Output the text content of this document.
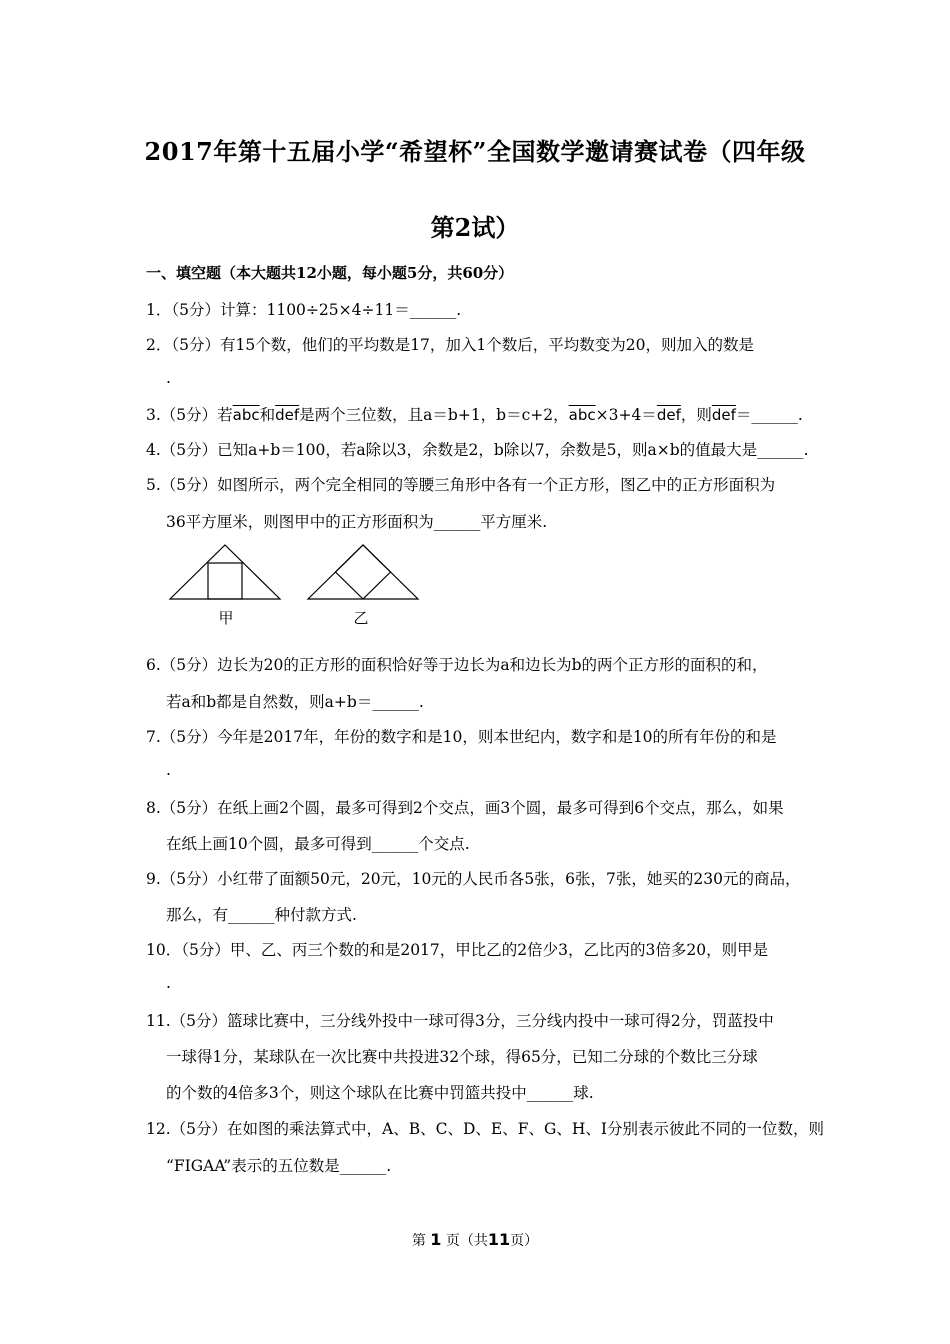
2017年第十五届小学“希望杯”全国数学邀请赛试卷（四年级
第2试）
一、填空题（本大题共12小题，每小题5分，共60分）
1．（5分）计算：1100÷25×4÷11＝______.
2．（5分）有15个数，他们的平均数是17，加入1个数后，平均数变为20，则加入的数是
.
3.（5分）若$\overline{abc}$和$\overline{def}$是两个三位数，且a＝b+1，b＝c+2，$\overline{abc}\times 3+4=\overline{def}$，则$\overline{def}=\_\_\_\_\_\_$.
4.（5分）已知a+b＝100，若a除以3，余数是2，b除以7，余数是5，则a×b的值最大是______.
5.（5分）如图所示，两个完全相同的等腰三角形中各有一个正方形，图乙中的正方形面积为
36平方厘米，则图甲中的正方形面积为______平方厘米.
甲	乙
6.（5分）边长为20的正方形的面积恰好等于边长为a和边长为b的两个正方形的面积的和，
若a和b都是自然数，则a+b＝______.
7.（5分）今年是2017年，年份的数字和是10，则本世纪内，数字和是10的所有年份的和是
.
8.（5分）在纸上画2个圆，最多可得到2个交点，画3个圆，最多可得到6个交点，那么，如果
在纸上画10个圆，最多可得到______个交点.
9.（5分）小红带了面额50元，20元，10元的人民币各5张，6张，7张，她买的230元的商品，
那么，有______种付款方式.
10．（5分）甲、乙、丙三个数的和是2017，甲比乙的2倍少3，乙比丙的3倍多20，则甲是
.
11.（5分）篮球比赛中，三分线外投中一球可得3分，三分线内投中一球可得2分，罚蓝投中
一球得1分，某球队在一次比赛中共投进32个球，得65分，已知二分球的个数比三分球
的个数的4倍多3个，则这个球队在比赛中罚篮共投中______球.
12.（5分）在如图的乘法算式中，A、B、C、D、E、F、G、H、I分别表示彼此不同的一位数，则
“FIGAA”表示的五位数是______.
第 1 页（共11页）
